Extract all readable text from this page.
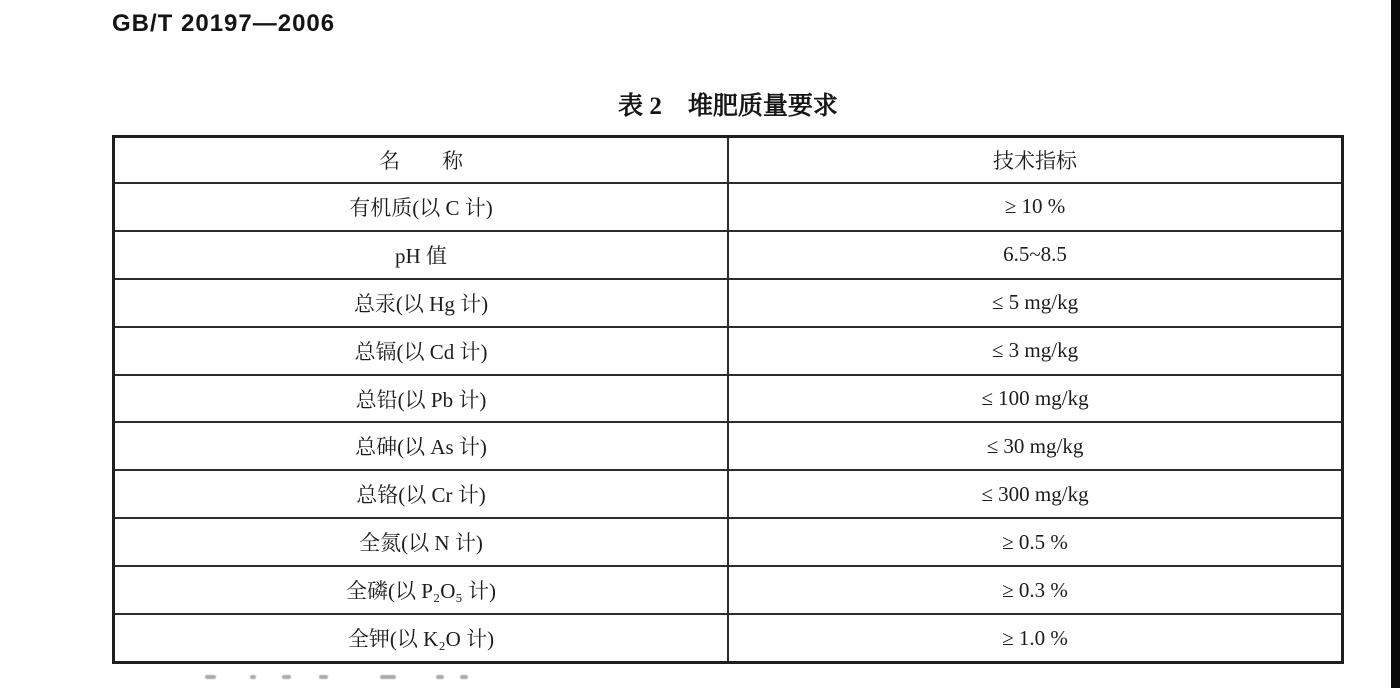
GB/T 20197—2006
表 2 堆肥质量要求
名　　称	技术指标
有机质(以 C 计)	≥ 10 %
pH 值	6.5~8.5
总汞(以 Hg 计)	≤ 5 mg/kg
总镉(以 Cd 计)	≤ 3 mg/kg
总铅(以 Pb 计)	≤ 100 mg/kg
总砷(以 As 计)	≤ 30 mg/kg
总铬(以 Cr 计)	≤ 300 mg/kg
全氮(以 N 计)	≥ 0.5 %
全磷(以 P₂O₅ 计)	≥ 0.3 %
全钾(以 K₂O 计)	≥ 1.0 %
